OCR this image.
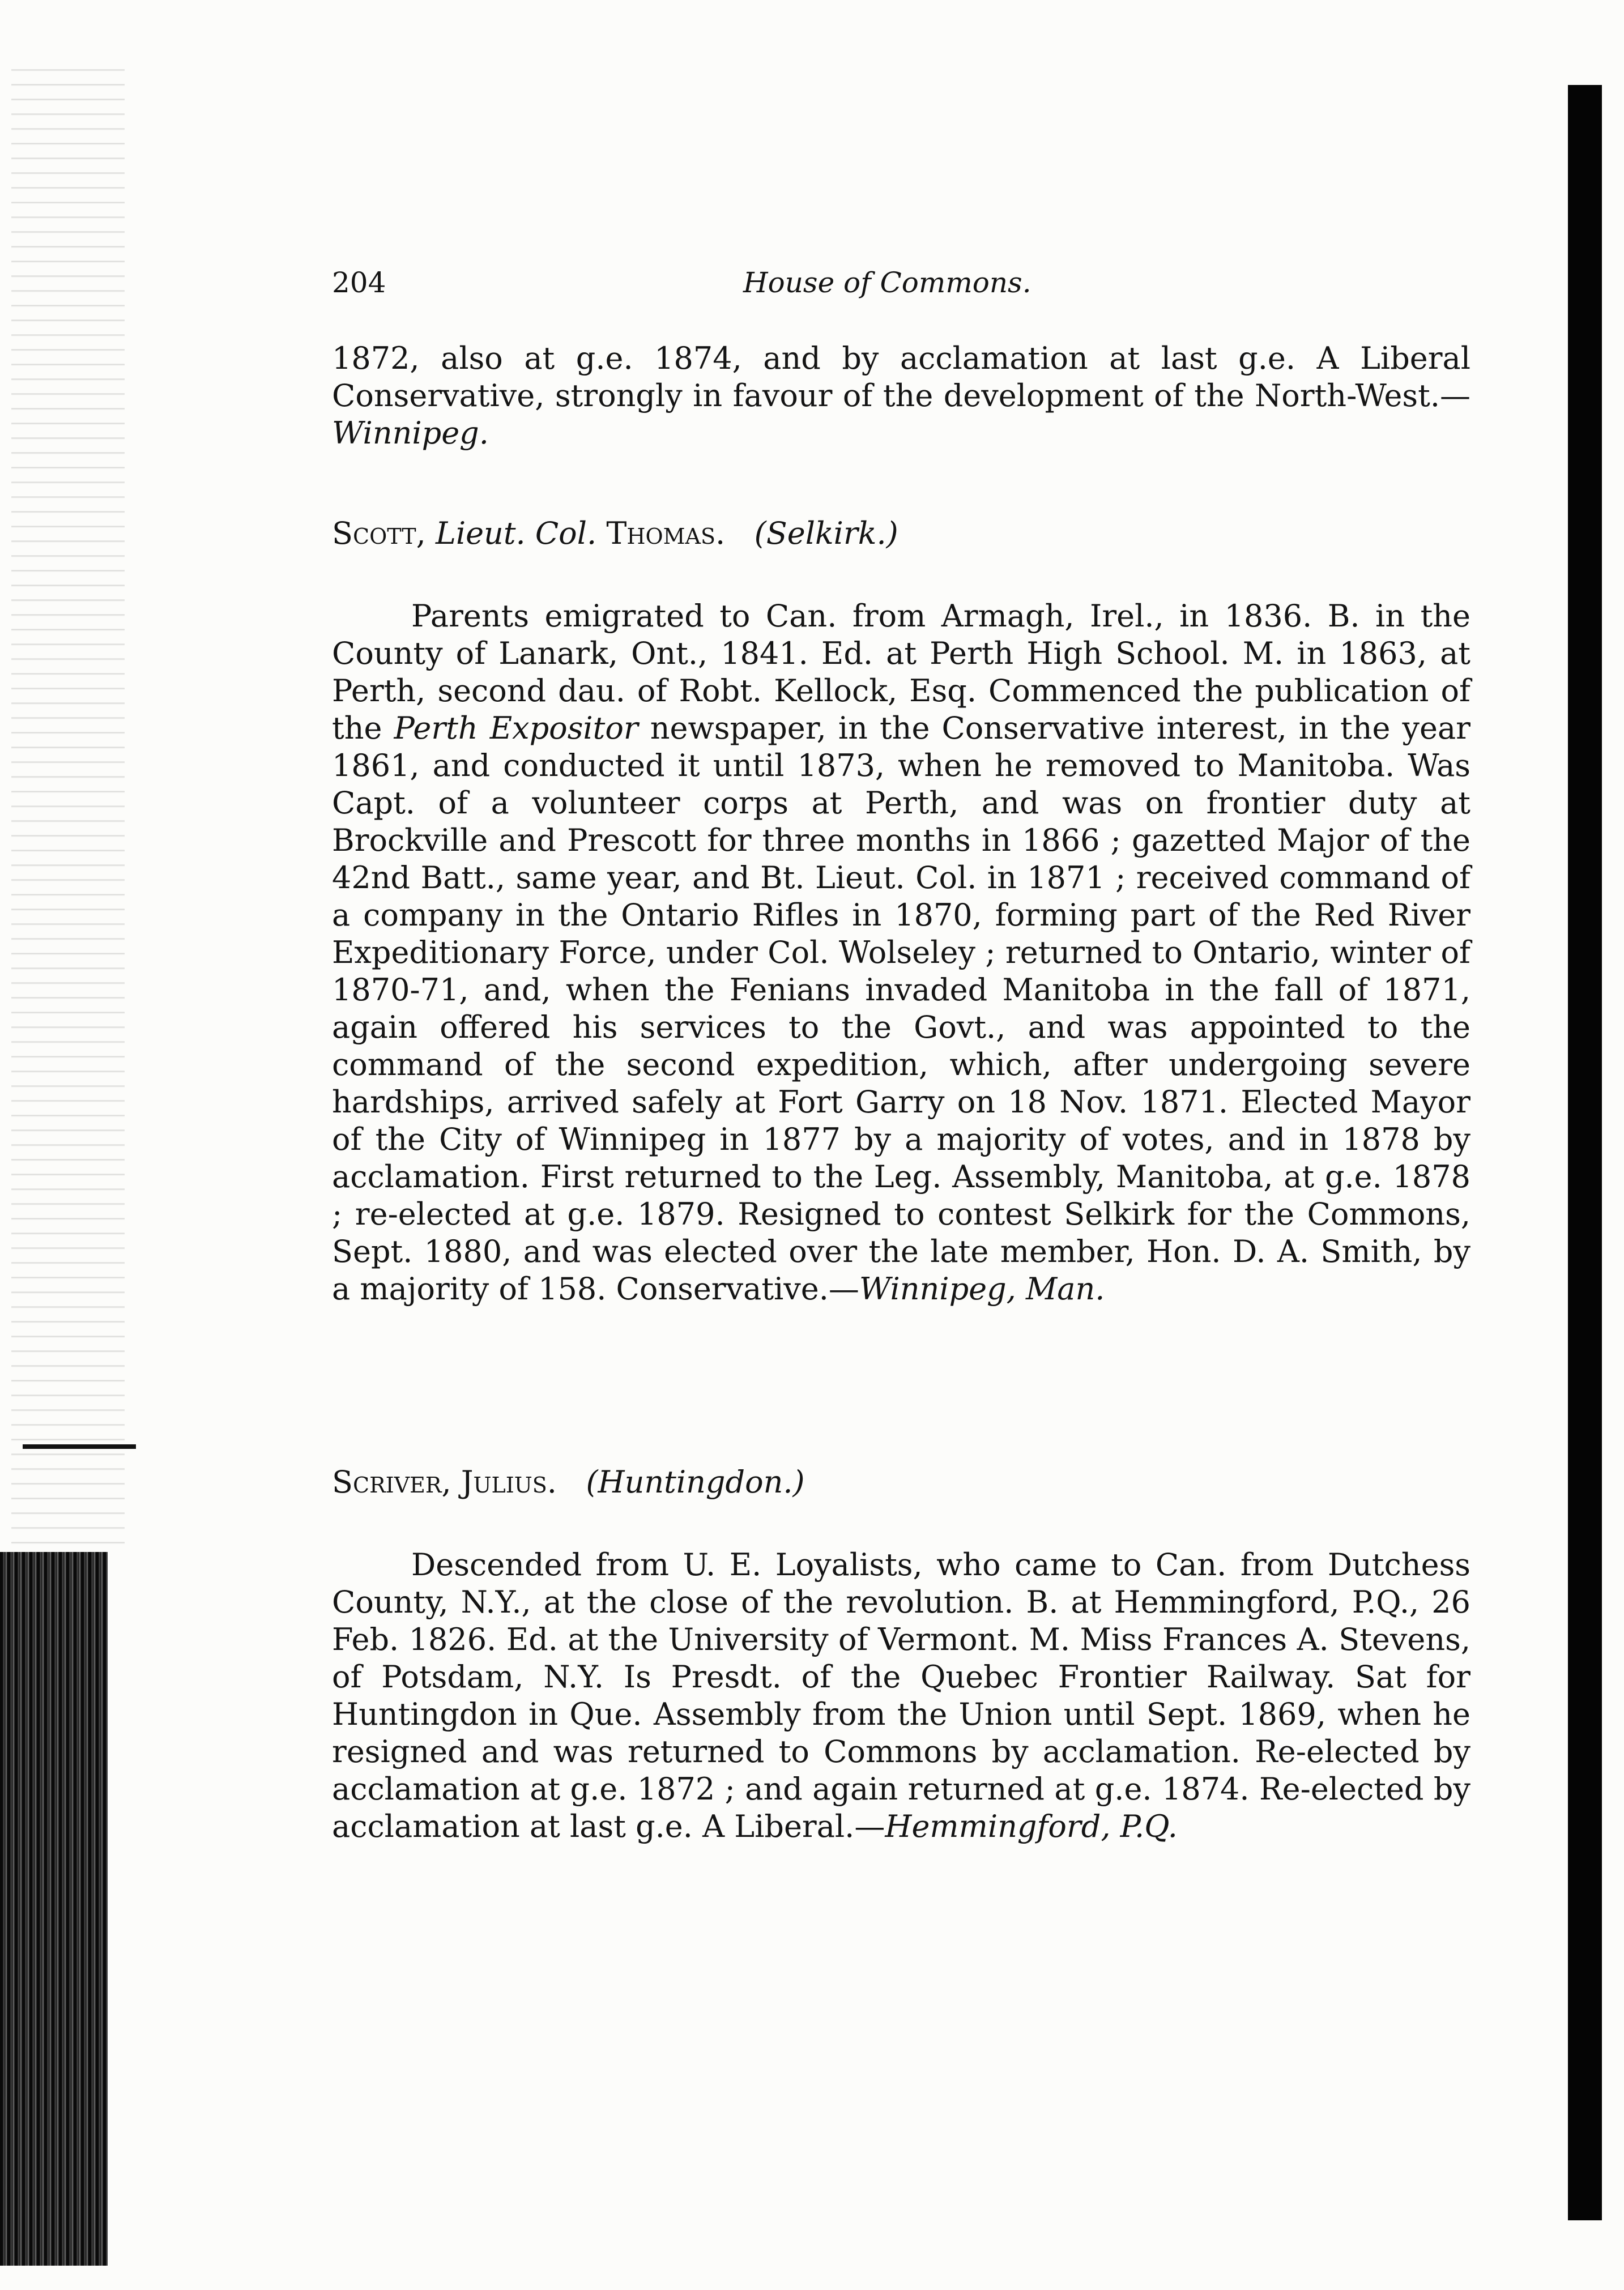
204	House of Commons.

1872, also at g.e. 1874, and by acclamation at last g.e. A Liberal Conservative, strongly in favour of the development of the North-West.—Winnipeg.

Scott, Lieut. Col. Thomas. (Selkirk.)

Parents emigrated to Can. from Armagh, Irel., in 1836. B. in the County of Lanark, Ont., 1841. Ed. at Perth High School. M. in 1863, at Perth, second dau. of Robt. Kellock, Esq. Commenced the publication of the Perth Expositor newspaper, in the Conservative interest, in the year 1861, and conducted it until 1873, when he removed to Manitoba. Was Capt. of a volunteer corps at Perth, and was on frontier duty at Brockville and Prescott for three months in 1866 ; gazetted Major of the 42nd Batt., same year, and Bt. Lieut. Col. in 1871 ; received command of a company in the Ontario Rifles in 1870, forming part of the Red River Expeditionary Force, under Col. Wolseley ; returned to Ontario, winter of 1870-71, and, when the Fenians invaded Manitoba in the fall of 1871, again offered his services to the Govt., and was appointed to the command of the second expedition, which, after undergoing severe hardships, arrived safely at Fort Garry on 18 Nov. 1871. Elected Mayor of the City of Winnipeg in 1877 by a majority of votes, and in 1878 by acclamation. First returned to the Leg. Assembly, Manitoba, at g.e. 1878 ; re-elected at g.e. 1879. Resigned to contest Selkirk for the Commons, Sept. 1880, and was elected over the late member, Hon. D. A. Smith, by a majority of 158. Conservative.—Winnipeg, Man.

Scriver, Julius. (Huntingdon.)

Descended from U. E. Loyalists, who came to Can. from Dutchess County, N.Y., at the close of the revolution. B. at Hemmingford, P.Q., 26 Feb. 1826. Ed. at the University of Vermont. M. Miss Frances A. Stevens, of Potsdam, N.Y. Is Presdt. of the Quebec Frontier Railway. Sat for Huntingdon in Que. Assembly from the Union until Sept. 1869, when he resigned and was returned to Commons by acclamation. Re-elected by acclamation at g.e. 1872 ; and again returned at g.e. 1874. Re-elected by acclamation at last g.e. A Liberal.—Hemmingford, P.Q.
